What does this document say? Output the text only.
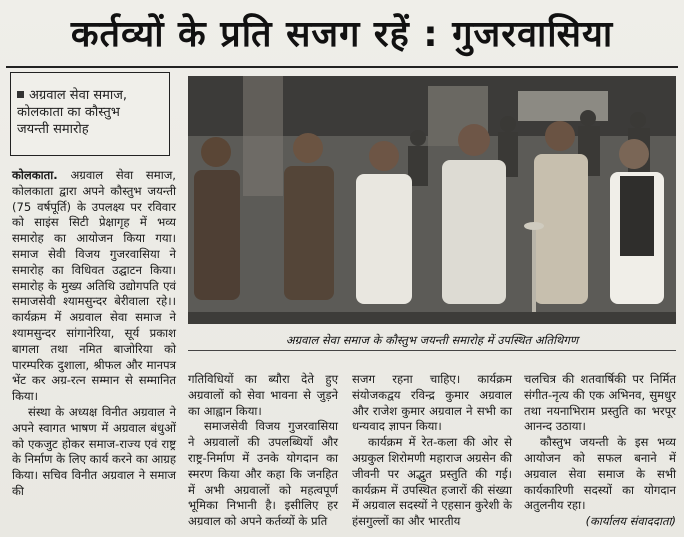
कर्तव्यों के प्रति सजग रहें : गुजरवासिया
अग्रवाल सेवा समाज,
कोलकाता का कौस्तुभ
जयन्ती समारोह
अग्रवाल सेवा समाज के कौस्तुभ जयन्ती समारोह में उपस्थित अतिथिगण

कोलकाता. अग्रवाल सेवा समाज, कोलकाता द्वारा अपने कौस्तुभ जयन्ती (75 वर्षपूर्ति) के उपलक्ष्य पर रविवार को साइंस सिटी प्रेक्षागृह में भव्य समारोह का आयोजन किया गया। समाज सेवी विजय गुजरवासिया ने समारोह का विधिवत उद्घाटन किया। समारोह के मुख्य अतिथि उद्योगपति एवं समाजसेवी श्यामसुन्दर बेरीवाला रहे।। कार्यक्रम में अग्रवाल सेवा समाज ने श्यामसुन्दर सांगानेरिया, सूर्य प्रकाश बागला तथा नमित बाजोरिया को पारम्परिक दुशाला, श्रीफल और मानपत्र भेंट कर अग्र-रत्न सम्मान से सम्मानित किया।

संस्था के अध्यक्ष विनीत अग्रवाल ने अपने स्वागत भाषण में अग्रवाल बंधुओं को एकजुट होकर समाज-राज्य एवं राष्ट्र के निर्माण के लिए कार्य करने का आग्रह किया। सचिव विनीत अग्रवाल ने समाज की

गतिविधियों का ब्यौरा देते हुए अग्रवालों को सेवा भावना से जुड़ने का आह्वान किया।

समाजसेवी विजय गुजरवासिया ने अग्रवालों की उपलब्धियों और राष्ट्र-निर्माण में उनके योगदान का स्मरण किया और कहा कि जनहित में अभी अग्रवालों को महत्वपूर्ण भूमिका निभानी है। इसीलिए हर अग्रवाल को अपने कर्तव्यों के प्रति

सजग रहना चाहिए। कार्यक्रम संयोजकद्वय रविन्द्र कुमार अग्रवाल और राजेश कुमार अग्रवाल ने सभी का धन्यवाद ज्ञापन किया।

कार्यक्रम में रेत-कला की ओर से अग्रकुल शिरोमणी महाराज अग्रसेन की जीवनी पर अद्भुत प्रस्तुति की गई। कार्यक्रम में उपस्थित हजारों की संख्या में अग्रवाल सदस्यों ने एहसान कुरेशी के हंसगुल्लों का और भारतीय

चलचित्र की शतवार्षिकी पर निर्मित संगीत-नृत्य की एक अभिनव, सुमधुर तथा नयनाभिराम प्रस्तुति का भरपूर आनन्द उठाया।

कौस्तुभ जयन्ती के इस भव्य आयोजन को सफल बनाने में अग्रवाल सेवा समाज के सभी कार्यकारिणी सदस्यों का योगदान अतुलनीय रहा।

(कार्यालय संवाददाता)
